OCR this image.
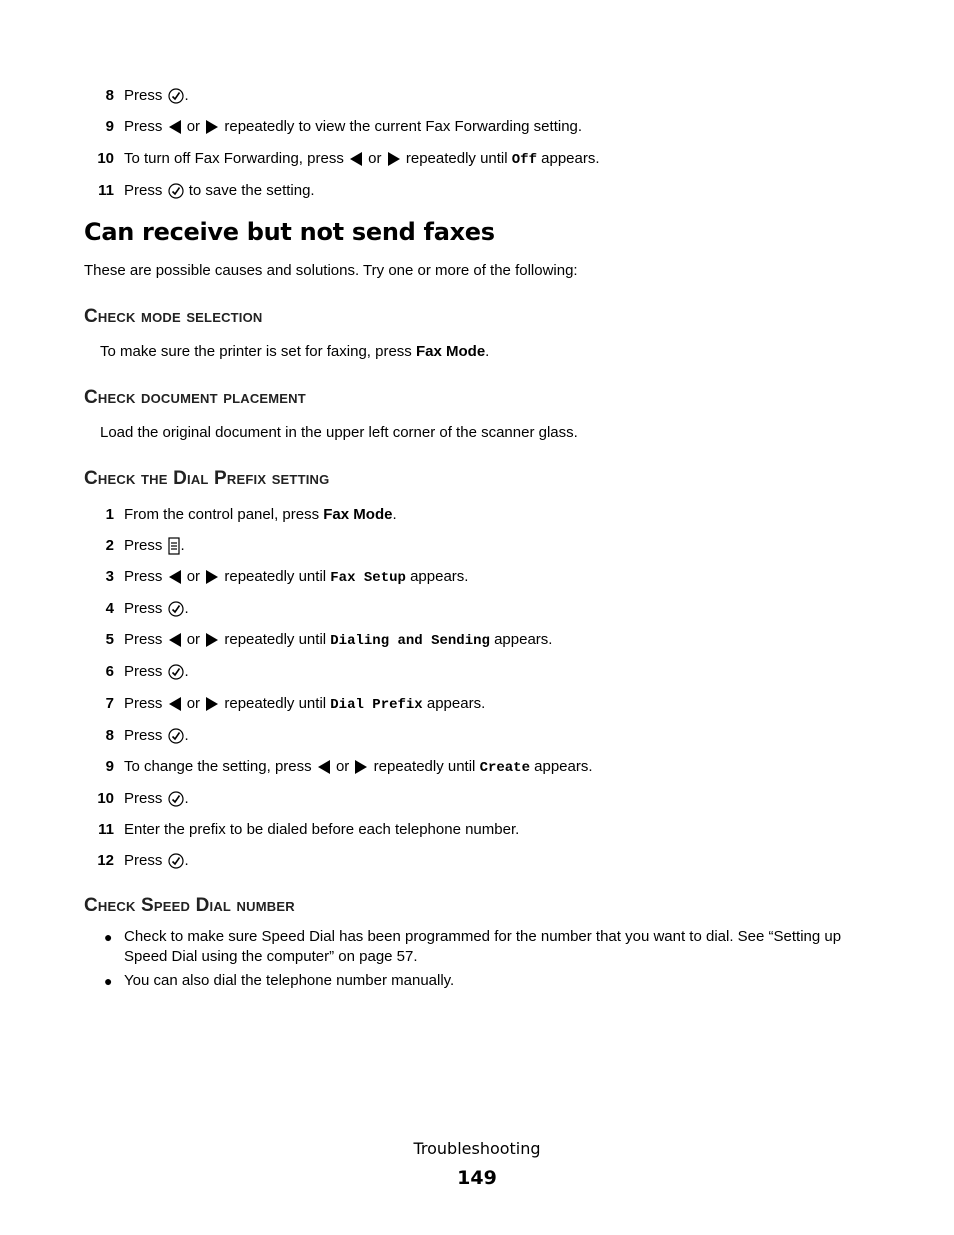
8 Press .
9 Press or repeatedly to view the current Fax Forwarding setting.
10 To turn off Fax Forwarding, press or repeatedly until Off appears.
11 Press to save the setting.
Can receive but not send faxes
These are possible causes and solutions. Try one or more of the following:
Check mode selection
To make sure the printer is set for faxing, press Fax Mode.
Check document placement
Load the original document in the upper left corner of the scanner glass.
Check the Dial Prefix setting
1 From the control panel, press Fax Mode.
2 Press .
3 Press or repeatedly until Fax Setup appears.
4 Press .
5 Press or repeatedly until Dialing and Sending appears.
6 Press .
7 Press or repeatedly until Dial Prefix appears.
8 Press .
9 To change the setting, press or repeatedly until Create appears.
10 Press .
11 Enter the prefix to be dialed before each telephone number.
12 Press .
Check Speed Dial number
● Check to make sure Speed Dial has been programmed for the number that you want to dial. See “Setting up Speed Dial using the computer” on page 57.
● You can also dial the telephone number manually.
Troubleshooting
149
